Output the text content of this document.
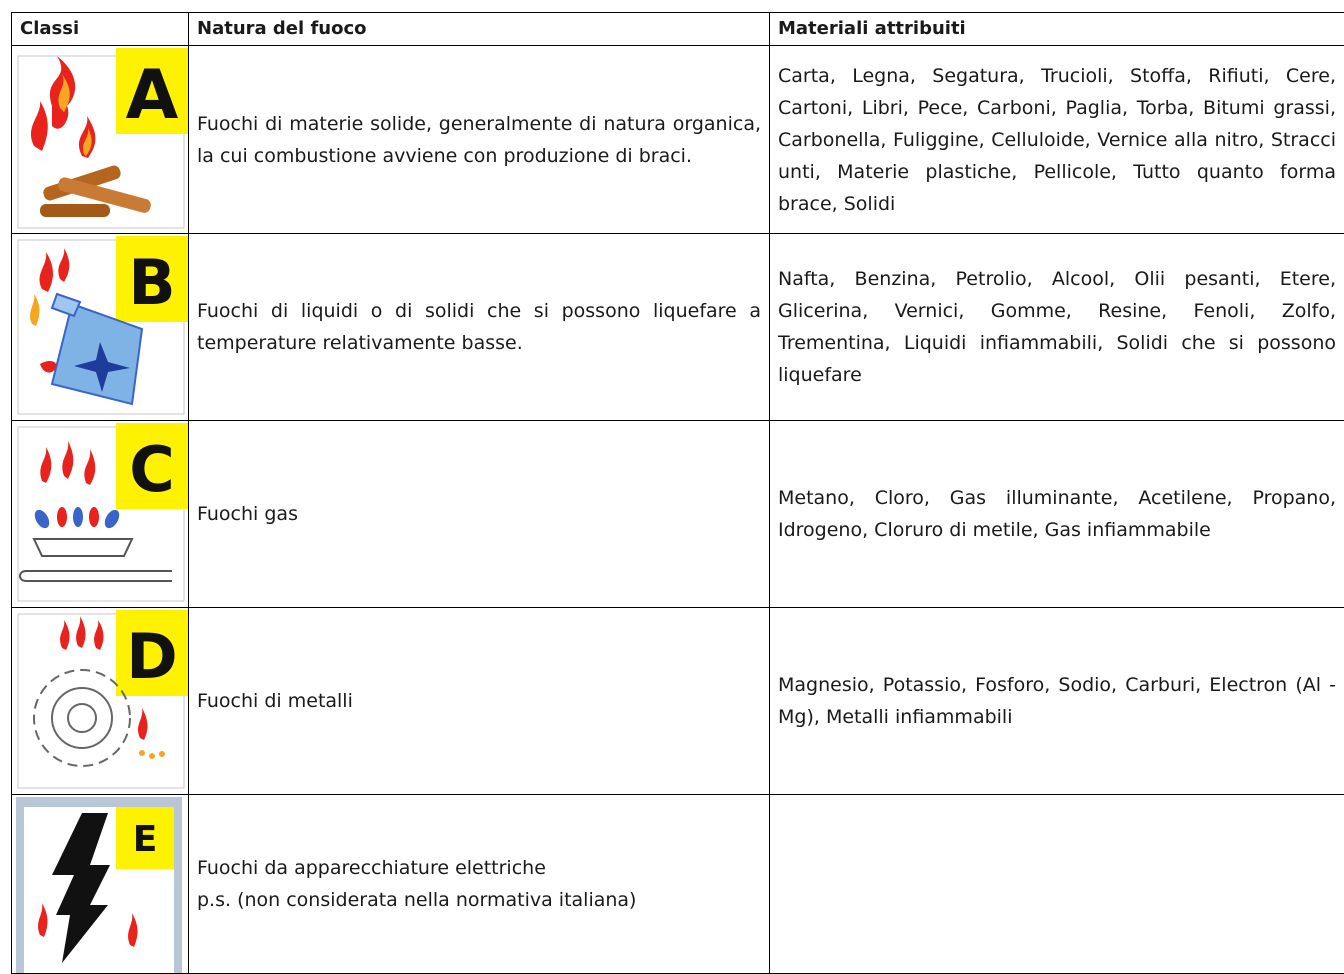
Classi	Natura del fuoco	Materiali attribuiti

A	Fuochi di materie solide, generalmente di natura organica, la cui combustione avviene con produzione di braci.	Carta, Legna, Segatura, Trucioli, Stoffa, Rifiuti, Cere, Cartoni, Libri, Pece, Carboni, Paglia, Torba, Bitumi grassi, Carbonella, Fuliggine, Celluloide, Vernice alla nitro, Stracci unti, Materie plastiche, Pellicole, Tutto quanto forma brace, Solidi

B	Fuochi di liquidi o di solidi che si possono liquefare a temperature relativamente basse.	Nafta, Benzina, Petrolio, Alcool, Olii pesanti, Etere, Glicerina, Vernici, Gomme, Resine, Fenoli, Zolfo, Trementina, Liquidi infiammabili, Solidi che si possono liquefare

C	Fuochi gas	Metano, Cloro, Gas illuminante, Acetilene, Propano, Idrogeno, Cloruro di metile, Gas infiammabile

D	Fuochi di metalli	Magnesio, Potassio, Fosforo, Sodio, Carburi, Electron (Al -Mg), Metalli infiammabili

E	Fuochi da apparecchiature elettriche
p.s. (non considerata nella normativa italiana)	
